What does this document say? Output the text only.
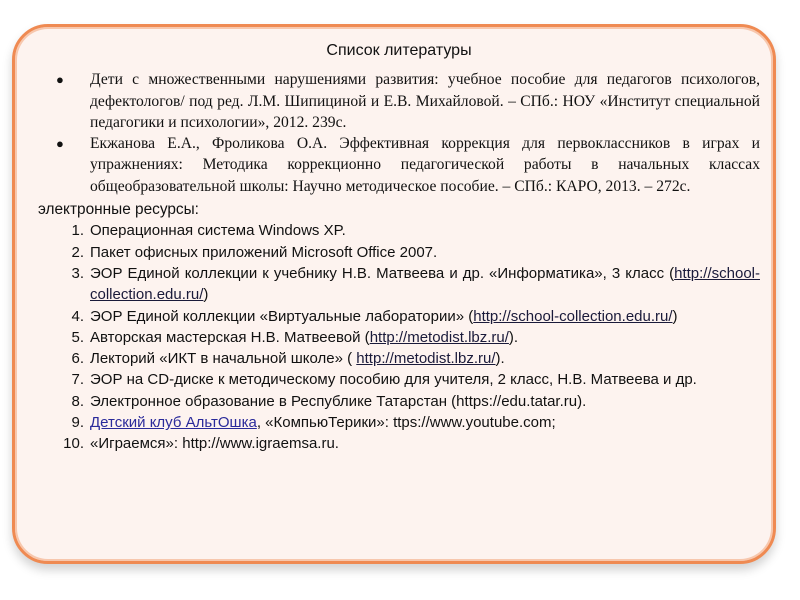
Список литературы
● Дети с множественными нарушениями развития: учебное пособие для педагогов психологов, дефектологов/ под ред. Л.М. Шипициной и Е.В. Михайловой. – СПб.: НОУ «Институт специальной педагогики и психологии», 2012. 239с.
● Екжанова Е.А., Фроликова О.А. Эффективная коррекция для первоклассников в играх и упражнениях: Методика коррекционно педагогической работы в начальных классах общеобразовательной школы: Научно методическое пособие. – СПб.: КАРО, 2013. – 272с.
электронные ресурсы:
1. Операционная система Windows XP.
2. Пакет офисных приложений Microsoft Office 2007.
3. ЭОР Единой коллекции к учебнику Н.В. Матвеева и др. «Информатика», 3 класс (http://school-collection.edu.ru/)
4. ЭОР Единой коллекции «Виртуальные лаборатории» (http://school-collection.edu.ru/)
5. Авторская мастерская Н.В. Матвеевой (http://metodist.lbz.ru/).
6. Лекторий «ИКТ в начальной школе» ( http://metodist.lbz.ru/).
7. ЭОР на CD-диске к методическому пособию для учителя, 2 класс, Н.В. Матвеева и др.
8. Электронное образование в Республике Татарстан (https://edu.tatar.ru).
9. Детский клуб АльтОшка, «КомпьюТерики»: ttps://www.youtube.com;
10. «Играемся»: http://www.igraemsa.ru.
